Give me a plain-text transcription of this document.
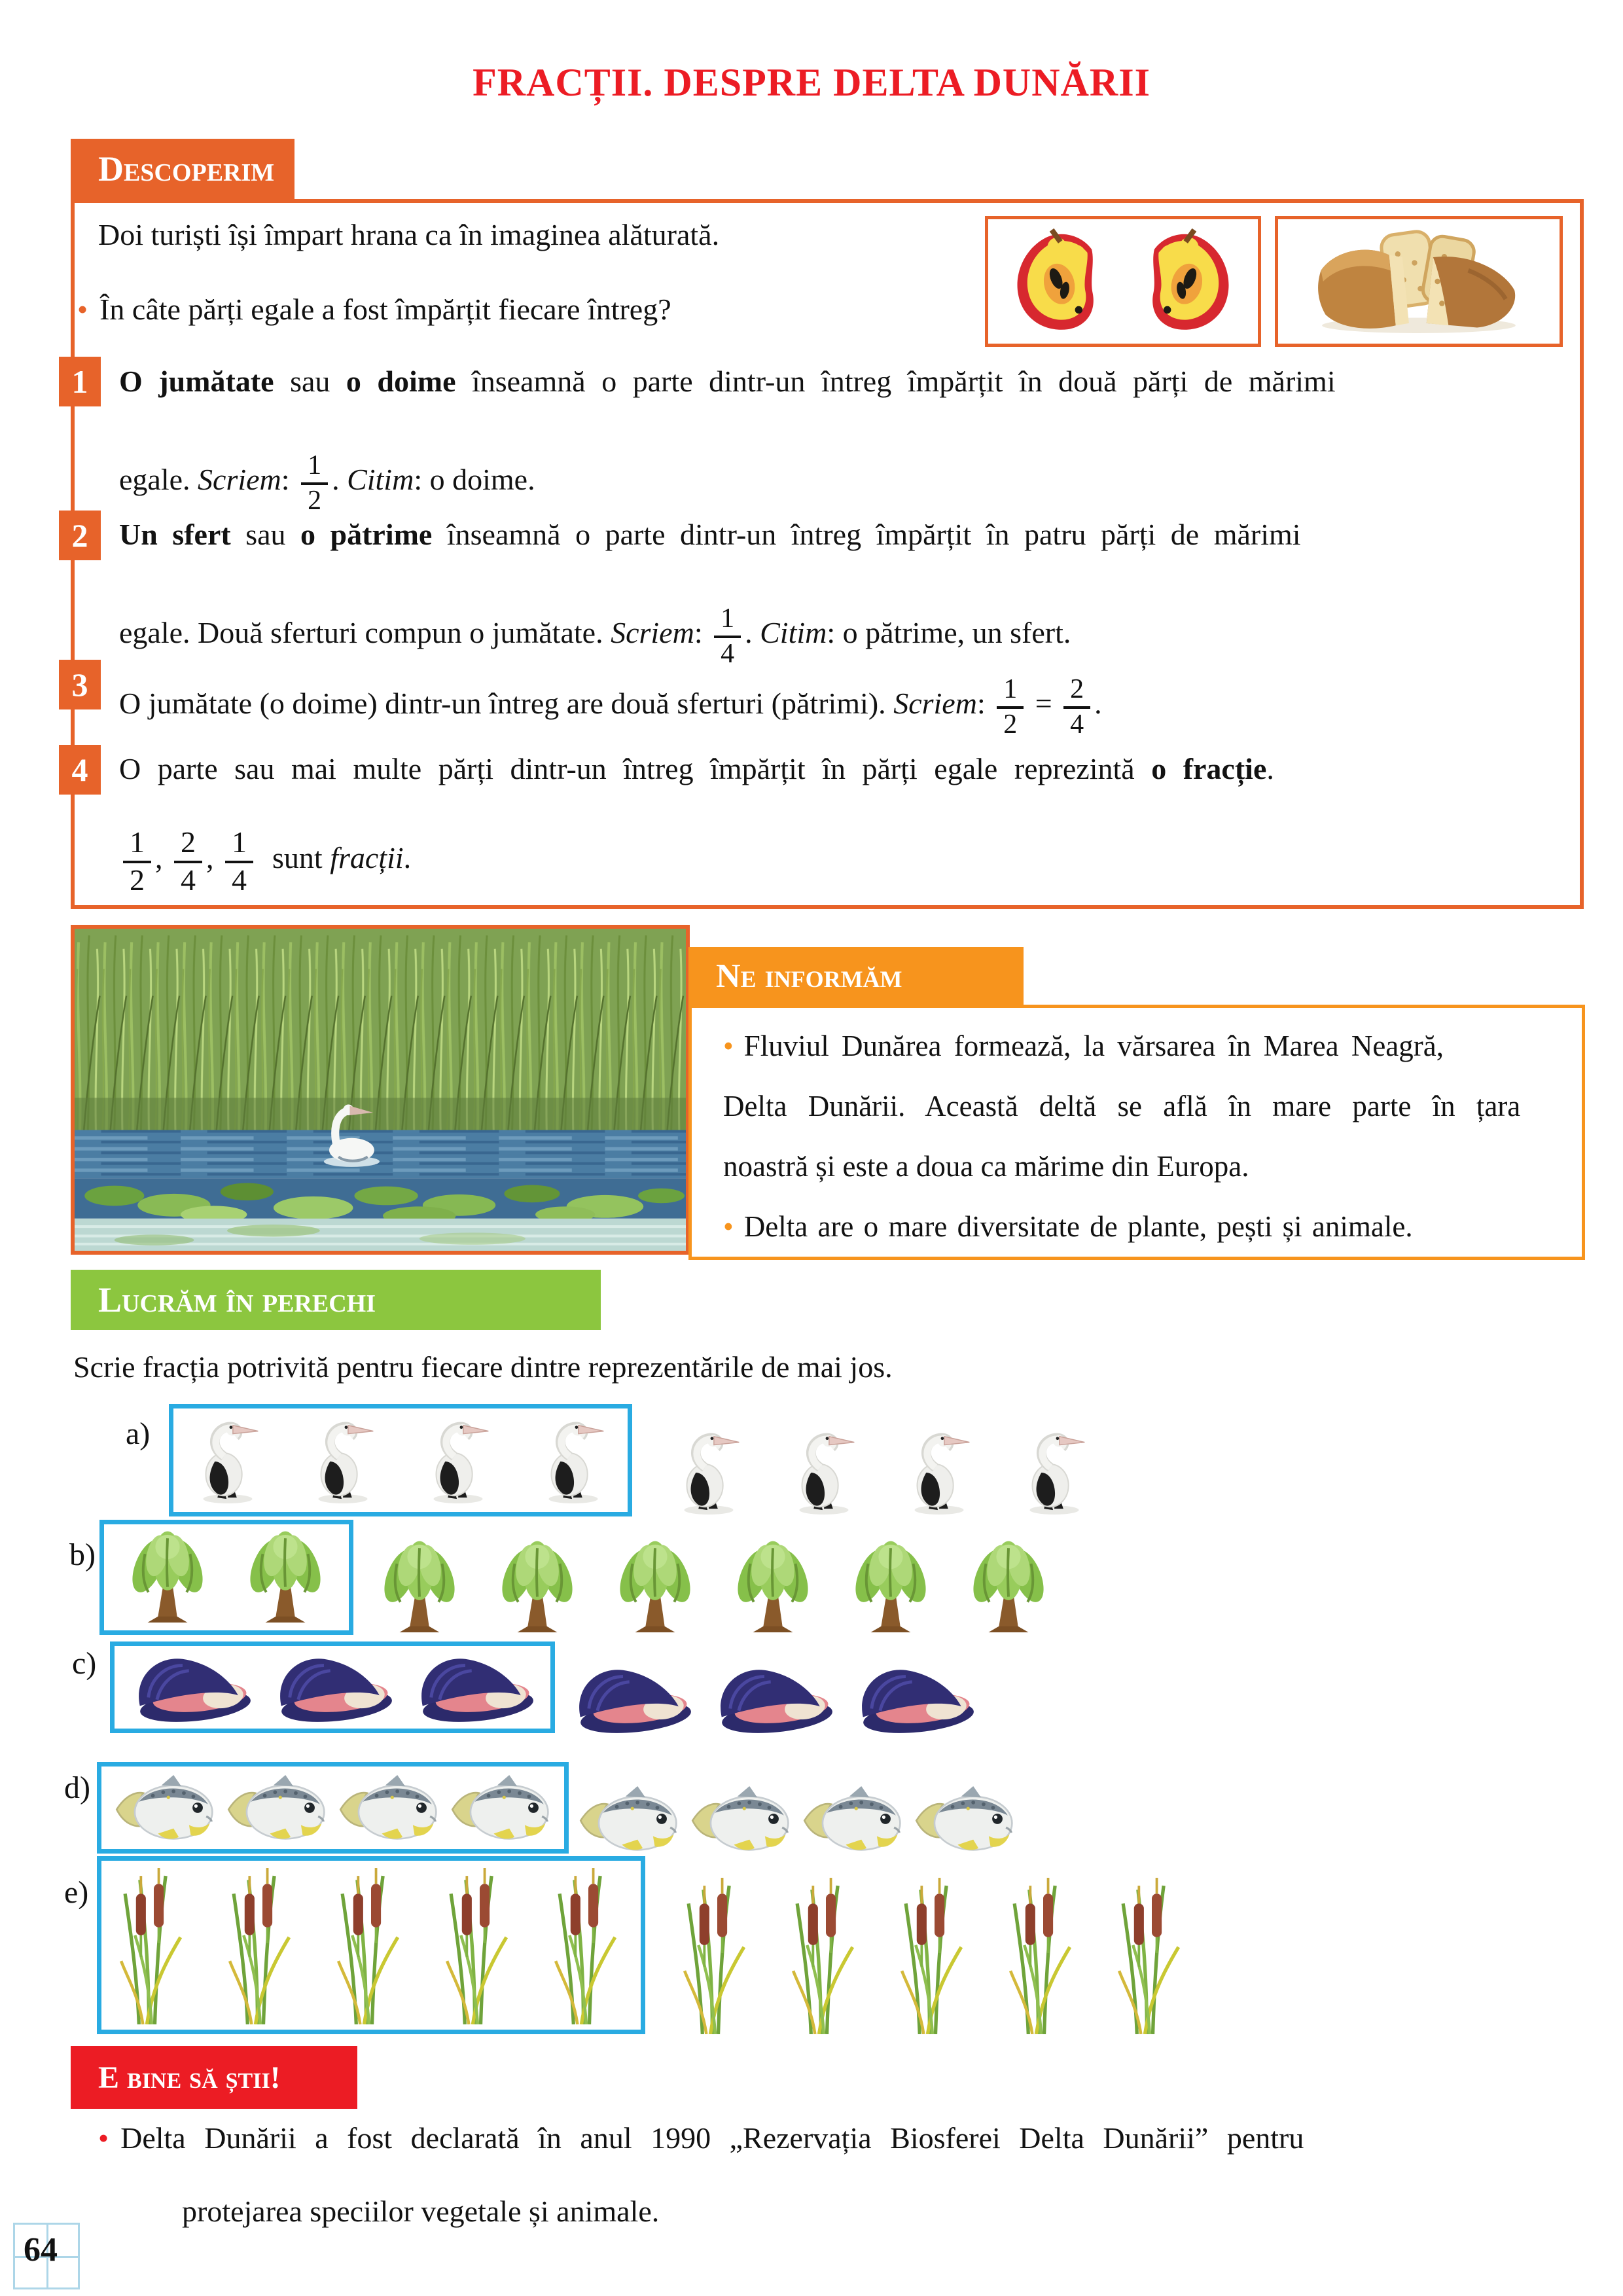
FRACȚII. DESPRE DELTA DUNĂRII
Descoperim
Doi turiști își împart hrana ca în imaginea alăturată.
• În câte părți egale a fost împărțit fiecare întreg?
1	O jumătate sau o doime înseamnă o parte dintr-un întreg împărțit în două părți de mărimi
egale. Scriem: $\frac{1}{2}$ . Citim: o doime.
2	Un sfert sau o pătrime înseamnă o parte dintr-un întreg împărțit în patru părți de mărimi
egale. Două sferturi compun o jumătate. Scriem: $\frac{1}{4}$ . Citim: o pătrime, un sfert.
3
O jumătate (o doime) dintr-un întreg are două sferturi (pătrimi). Scriem: $\frac{1}{2} = \frac{2}{4}$ .
4	O parte sau mai multe părți dintr-un întreg împărțit în părți egale reprezintă o fracție.
$\frac{1}{2}$ , $\frac{2}{4}$ , $\frac{1}{4}$ sunt fracții.
Ne informăm
• Fluviul Dunărea formează, la vărsarea în Marea Neagră,
Delta Dunării. Această deltă se află în mare parte în țara
noastră și este a doua ca mărime din Europa.
• Delta are o mare diversitate de plante, pești și animale.
Lucrăm în perechi
Scrie fracția potrivită pentru fiecare dintre reprezentările de mai jos.
a)
b)
c)
d)
e)
E bine să știi!
• Delta Dunării a fost declarată în anul 1990 „Rezervația Biosferei Delta Dunării” pentru
protejarea speciilor vegetale și animale.
64
